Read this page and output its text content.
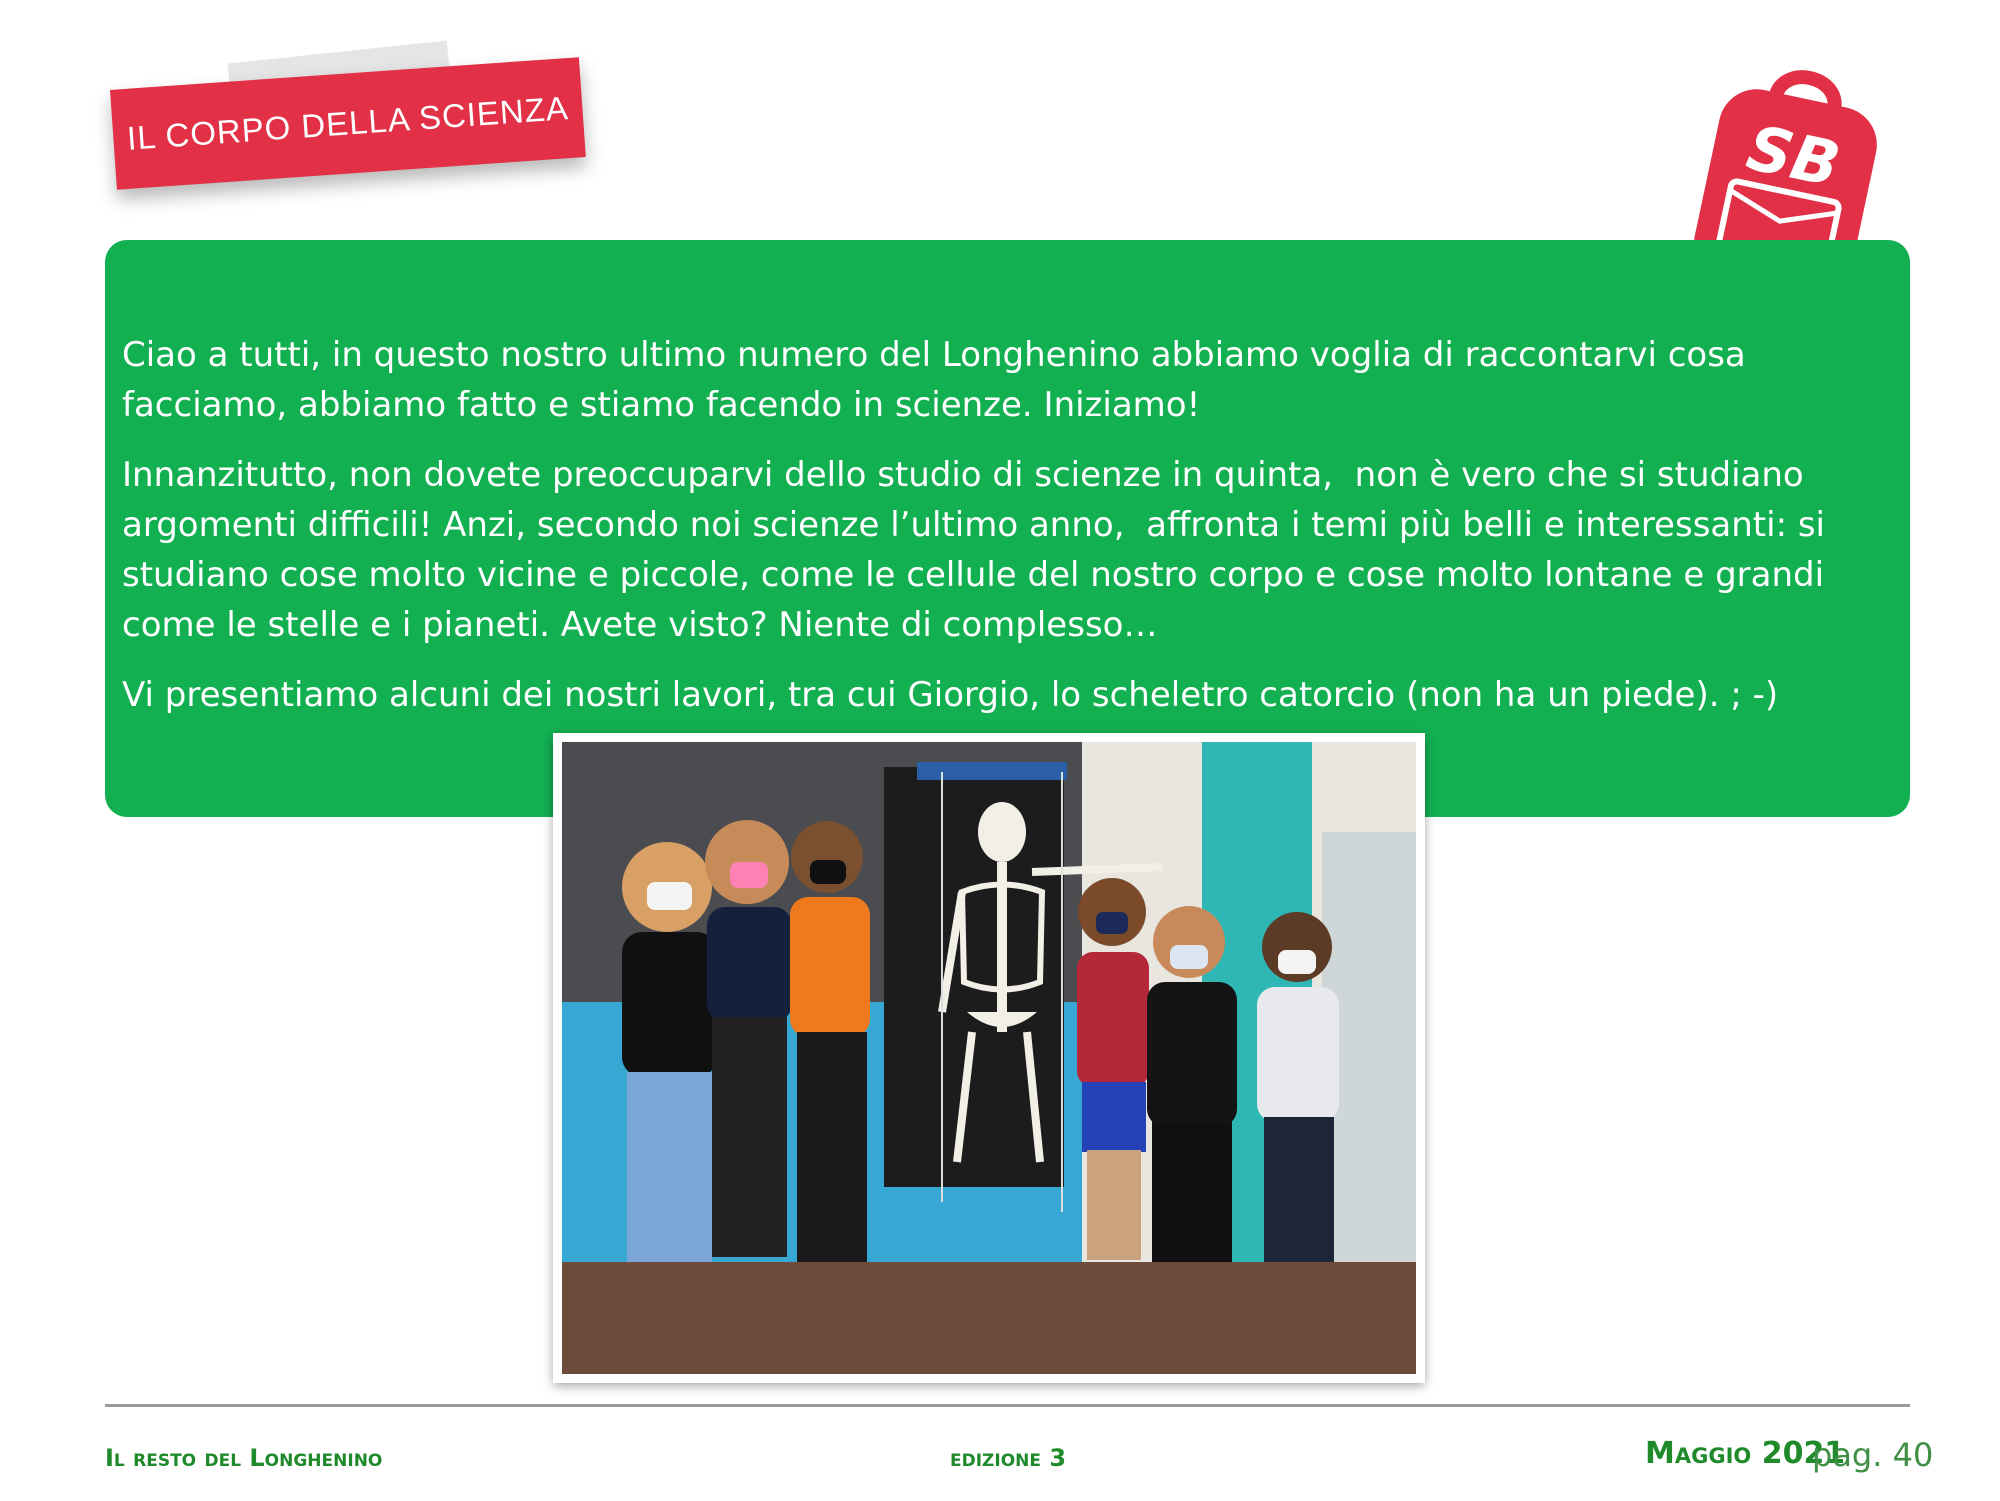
IL CORPO DELLA SCIENZA	SB

Ciao a tutti, in questo nostro ultimo numero del Longhenino abbiamo voglia di raccontarvi cosa facciamo, abbiamo fatto e stiamo facendo in scienze. Iniziamo!

Innanzitutto, non dovete preoccuparvi dello studio di scienze in quinta,  non è vero che si studiano argomenti difficili! Anzi, secondo noi scienze l’ultimo anno,  affronta i temi più belli e interessanti: si studiano cose molto vicine e piccole, come le cellule del nostro corpo e cose molto lontane e grandi come le stelle e i pianeti. Avete visto? Niente di complesso…

Vi presentiamo alcuni dei nostri lavori, tra cui Giorgio, lo scheletro catorcio (non ha un piede). ; -)

Il resto del Longhenino	edizione 3	Maggio 2021
pag. 40
